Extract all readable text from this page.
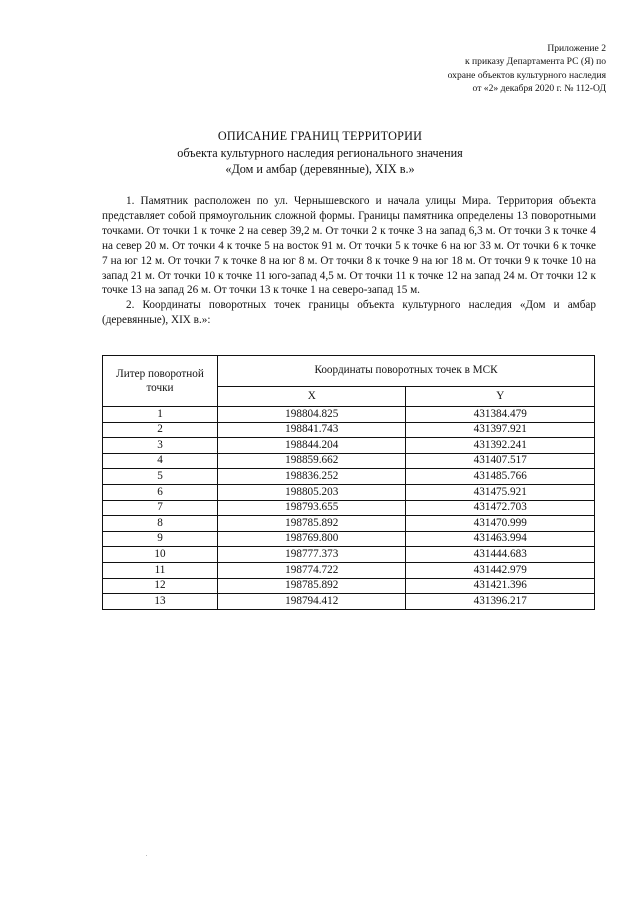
Приложение 2
к приказу Департамента РС (Я) по
охране объектов культурного наследия
от «2» декабря 2020 г. № 112-ОД
ОПИСАНИЕ ГРАНИЦ ТЕРРИТОРИИ
объекта культурного наследия регионального значения
«Дом и амбар (деревянные), XIX в.»

1. Памятник расположен по ул. Чернышевского и начала улицы Мира. Территория объекта представляет собой прямоугольник сложной формы. Границы памятника определены 13 поворотными точками. От точки 1 к точке 2 на север 39,2 м. От точки 2 к точке 3 на запад 6,3 м. От точки 3 к точке 4 на север 20 м. От точки 4 к точке 5 на восток 91 м. От точки 5 к точке 6 на юг 33 м. От точки 6 к точке 7 на юг 12 м. От точки 7 к точке 8 на юг 8 м. От точки 8 к точке 9 на юг 18 м. От точки 9 к точке 10 на запад 21 м. От точки 10 к точке 11 юго-запад 4,5 м. От точки 11 к точке 12 на запад 24 м. От точки 12 к точке 13 на запад 26 м. От точки 13 к точке 1 на северо-запад 15 м.

2. Координаты поворотных точек границы объекта культурного наследия «Дом и амбар (деревянные), XIX в.»:

Литер поворотной точки	Координаты поворотных точек в МСК	
	X	Y
1	198804.825	431384.479
2	198841.743	431397.921
3	198844.204	431392.241
4	198859.662	431407.517
5	198836.252	431485.766
6	198805.203	431475.921
7	198793.655	431472.703
8	198785.892	431470.999
9	198769.800	431463.994
10	198777.373	431444.683
11	198774.722	431442.979
12	198785.892	431421.396
13	198794.412	431396.217
